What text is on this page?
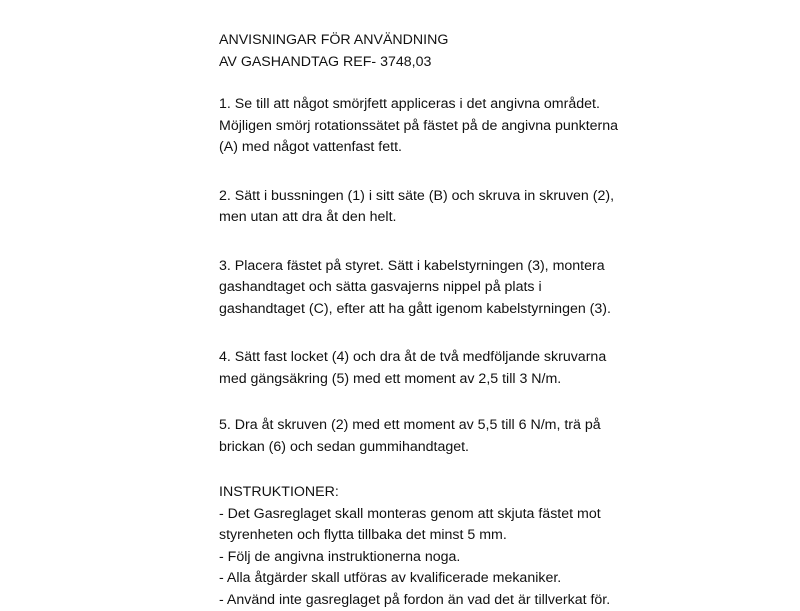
ANVISNINGAR FÖR ANVÄNDNING

AV GASHANDTAG REF- 3748,03

1. Se till att något smörjfett appliceras i det angivna området.

Möjligen smörj rotationssätet på fästet på de angivna punkterna

(A) med något vattenfast fett.

2. Sätt i bussningen (1) i sitt säte (B) och skruva in skruven (2),

men utan att dra åt den helt.

3. Placera fästet på styret. Sätt i kabelstyrningen (3), montera

gashandtaget och sätta gasvajerns nippel på plats i

gashandtaget (C), efter att ha gått igenom kabelstyrningen (3).

4. Sätt fast locket (4) och dra åt de två medföljande skruvarna

med gängsäkring (5) med ett moment av 2,5 till 3 N/m.

5. Dra åt skruven (2) med ett moment av 5,5 till 6 N/m, trä på

brickan (6) och sedan gummihandtaget.

INSTRUKTIONER:

- Det Gasreglaget skall monteras genom att skjuta fästet mot

styrenheten och flytta tillbaka det minst 5 mm.

- Följ de angivna instruktionerna noga.

- Alla åtgärder skall utföras av kvalificerade mekaniker.

- Använd inte gasreglaget på fordon än vad det är tillverkat för.
